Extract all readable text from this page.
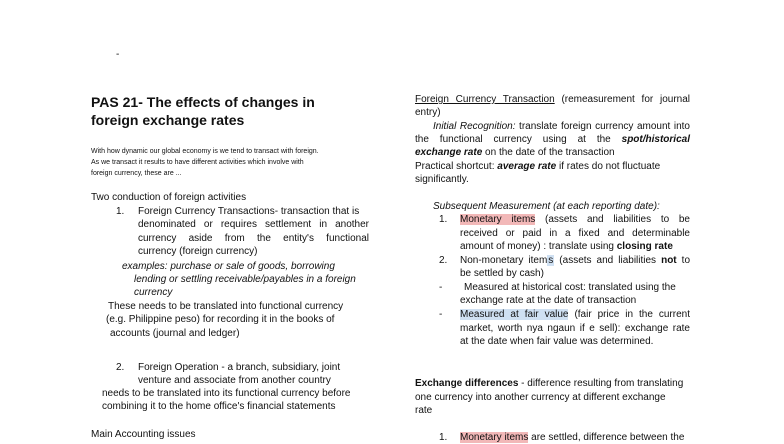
-
PAS 21- The effects of changes in
foreign exchange rates
With how dynamic our global economy is we tend to transact with foreign.
As we transact it results to have different activities which involve with
foreign currency, these are ...
Two conduction of foreign activities
1. Foreign Currency Transactions- transaction that is
denominated or requires settlement in another
currency aside from the entity's functional
currency (foreign currency)
examples: purchase or sale of goods, borrowing
lending or settling receivable/payables in a foreign
currency
These needs to be translated into functional currency
(e.g. Philippine peso) for recording it in the books of
accounts (journal and ledger)
2. Foreign Operation - a branch, subsidiary, joint
venture and associate from another country
needs to be translated into its functional currency before
combining it to the home office's financial statements
Main Accounting issues
Foreign Currency Transaction (remeasurement for journal
entry)
Initial Recognition: translate foreign currency amount into
the functional currency using at the spot/historical
exchange rate on the date of the transaction
Practical shortcut: average rate if rates do not fluctuate
significantly.
Subsequent Measurement (at each reporting date):
1. Monetary items (assets and liabilities to be
received or paid in a fixed and determinable
amount of money) : translate using closing rate
2. Non-monetary items (assets and liabilities not to
be settled by cash)
- Measured at historical cost: translated using the
exchange rate at the date of transaction
- Measured at fair value (fair price in the current
market, worth nya ngaun if e sell): exchange rate
at the date when fair value was determined.
Exchange differences - difference resulting from translating
one currency into another currency at different exchange
rate
1. Monetary items are settled, difference between the
